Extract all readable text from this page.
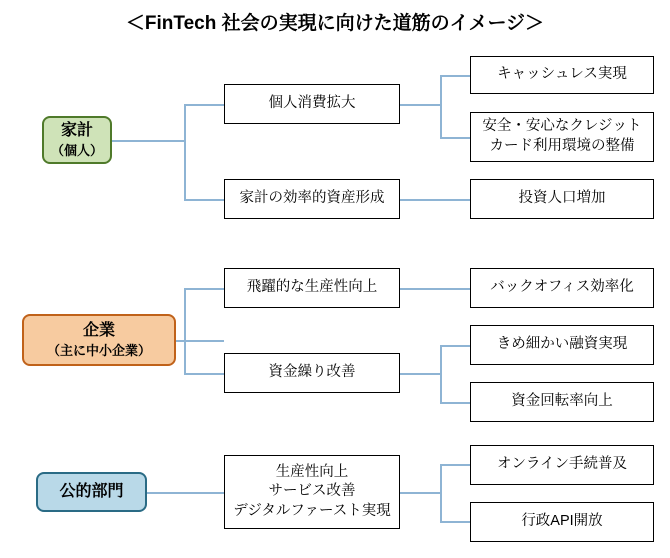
＜FinTech 社会の実現に向けた道筋のイメージ＞
家計
（個人）
個人消費拡大
家計の効率的資産形成
キャッシュレス実現
安全・安心なクレジット
カード利用環境の整備
投資人口増加
企業
（主に中小企業）
飛躍的な生産性向上
資金繰り改善
バックオフィス効率化
きめ細かい融資実現
資金回転率向上
公的部門
生産性向上
サービス改善
デジタルファースト実現
オンライン手続普及
行政API開放
